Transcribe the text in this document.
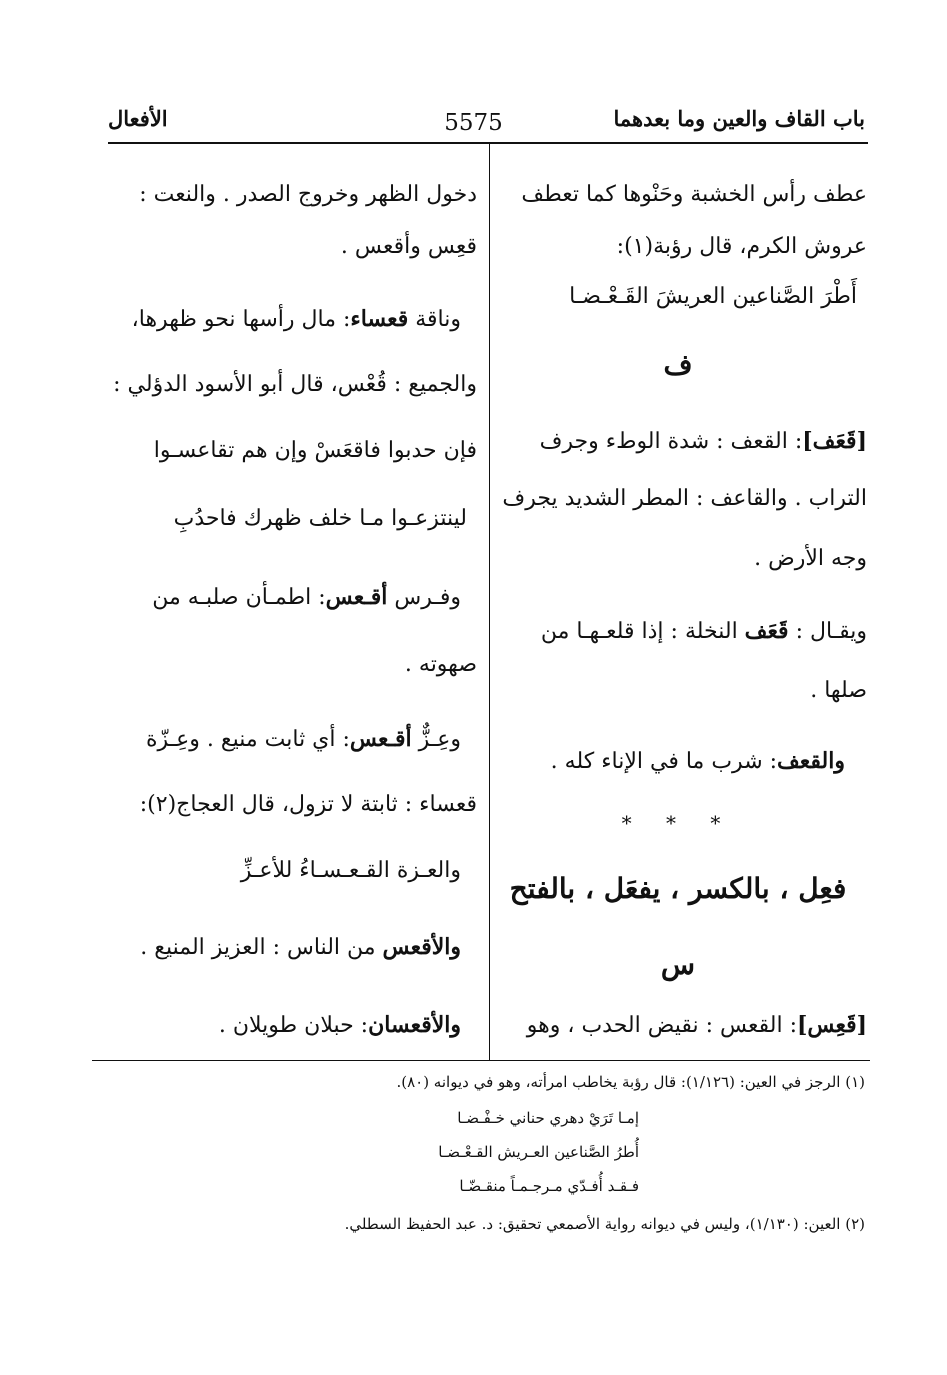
باب القاف والعين وما بعدهما
5575
الأفعال
عطف رأس الخشبة وحَنْوها كما تعطف
عروش الكرم، قال رؤبة(١):
أَطْرَ الصَّناعين العريشَ القَـعْـضـا
ف
[قَعَف]: القعف : شدة الوطء وجرف
التراب . والقاعف : المطر الشديد يجرف
وجه الأرض .
ويقـال : قَعَف النخلة : إذا قلعـهـا من
صلها .
والقعف: شرب ما في الإناء كله .
* * *
فعِل ، بالكسر ، يفعَل ، بالفتح
س
[قَعِس]: القعس : نقيض الحدب ، وهو
دخول الظهر وخروج الصدر . والنعت :
قعِس وأقعس .
وناقة قعساء: مال رأسها نحو ظهرها،
والجميع : قُعْس، قال أبو الأسود الدؤلي :
فإن حدبوا فاقعَسْ وإن هم تقاعسـوا
لينتزعـوا مـا خلف ظهرك فاحدُبِ
وفـرس أقـعس: اطمـأن صلبـه من
صهوته .
وعِـزٌّ أقـعس: أي ثابت منيع . وعِـزّة
قعساء : ثابتة لا تزول، قال العجاج(٢):
والعـزة القـعـسـاءُ للأعـزِّ
والأقعس من الناس : العزيز المنيع .
والأقعسان: حبلان طويلان .
(١) الرجز في العين: (١/١٢٦): قال رؤبة يخاطب امرأته، وهو في ديوانه (٨٠).
إمـا تَرَيْ دهري حناني خـفْـضـا
أُطرُ الصَّناعين العـريش القـعْـضـا
فـقـد أُفـدّي مـرجـمـاً منقـضّـا
(٢) العين: (١/١٣٠)، وليس في ديوانه رواية الأصمعي تحقيق: د. عبد الحفيظ السطلي.
